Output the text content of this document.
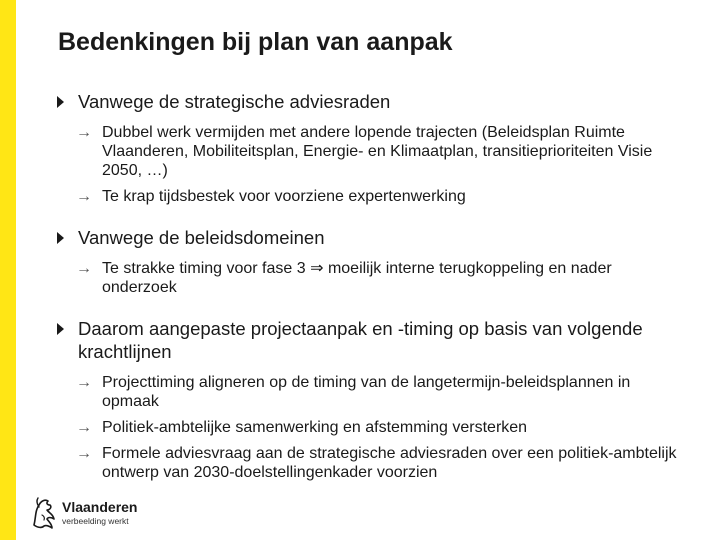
Bedenkingen bij plan van aanpak
Vanwege de strategische adviesraden
→ Dubbel werk vermijden met andere lopende trajecten (Beleidsplan Ruimte Vlaanderen, Mobiliteitsplan, Energie- en Klimaatplan, transitieprioriteiten Visie 2050, …)
→ Te krap tijdsbestek voor voorziene expertenwerking
Vanwege de beleidsdomeinen
→ Te strakke timing voor fase 3 ⇒ moeilijk interne terugkoppeling en nader onderzoek
Daarom aangepaste projectaanpak en -timing op basis van volgende krachtlijnen
→ Projecttiming aligneren op de timing van de langetermijn-beleidsplannen in opmaak
→ Politiek-ambtelijke samenwerking en afstemming versterken
→ Formele adviesvraag aan de strategische adviesraden over een politiek-ambtelijk ontwerp van 2030-doelstellingenkader voorzien
Vlaanderen
verbeelding werkt
